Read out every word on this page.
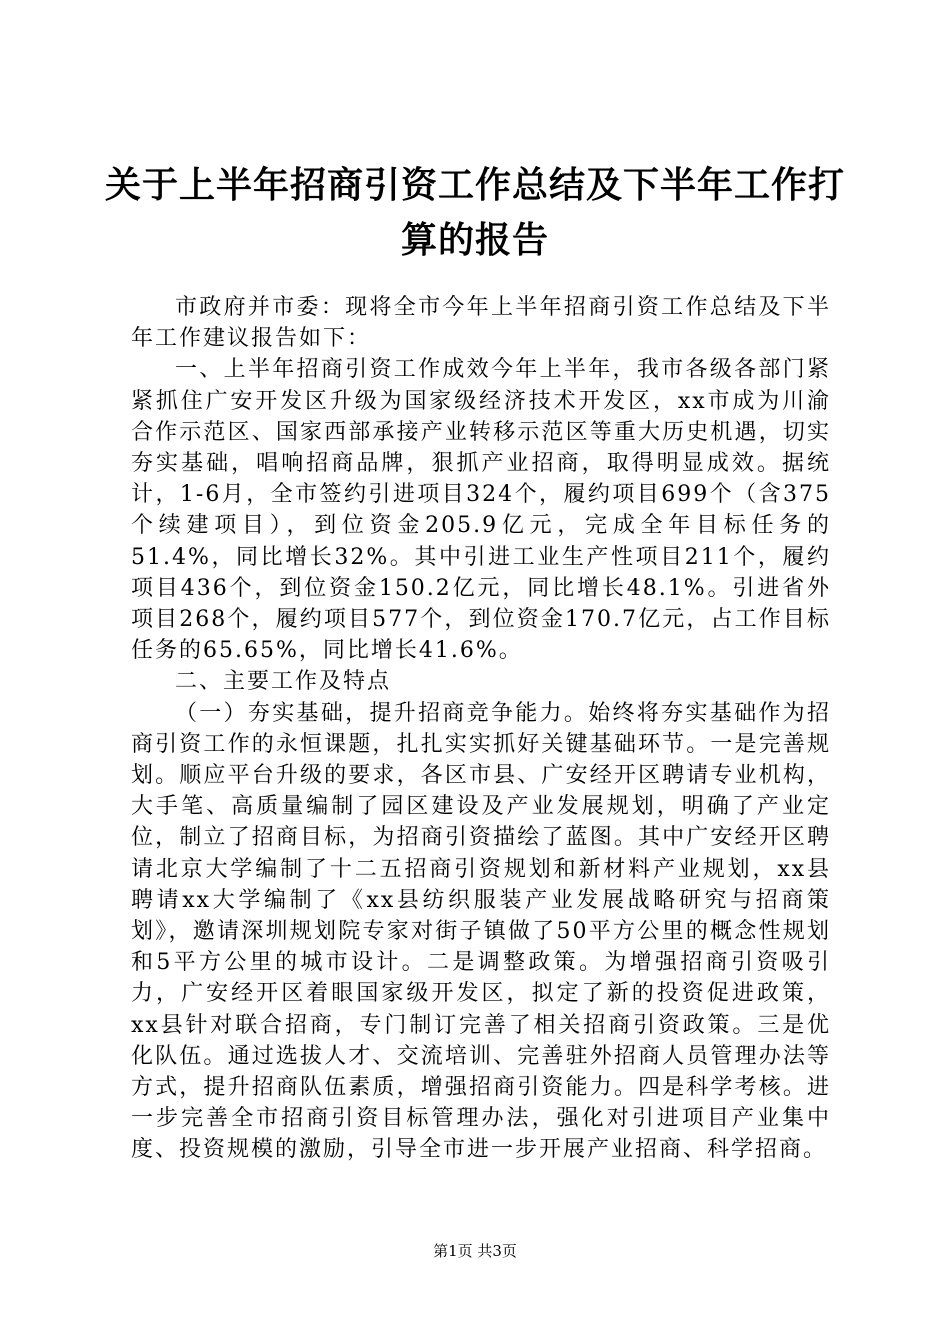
关于上半年招商引资工作总结及下半年工作打
算的报告

市政府并市委：现将全市今年上半年招商引资工作总结及下半年工作建议报告如下：

一、上半年招商引资工作成效今年上半年，我市各级各部门紧紧抓住广安开发区升级为国家级经济技术开发区，xx市成为川渝合作示范区、国家西部承接产业转移示范区等重大历史机遇，切实夯实基础，唱响招商品牌，狠抓产业招商，取得明显成效。据统计，1-6月，全市签约引进项目324个，履约项目699个（含375个续建项目），到位资金205.9亿元，完成全年目标任务的51.4%，同比增长32%。其中引进工业生产性项目211个，履约项目436个，到位资金150.2亿元，同比增长48.1%。引进省外项目268个，履约项目577个，到位资金170.7亿元，占工作目标任务的65.65%，同比增长41.6%。

二、主要工作及特点

（一）夯实基础，提升招商竞争能力。始终将夯实基础作为招商引资工作的永恒课题，扎扎实实抓好关键基础环节。一是完善规划。顺应平台升级的要求，各区市县、广安经开区聘请专业机构，大手笔、高质量编制了园区建设及产业发展规划，明确了产业定位，制立了招商目标，为招商引资描绘了蓝图。其中广安经开区聘请北京大学编制了十二五招商引资规划和新材料产业规划，xx县聘请xx大学编制了《xx县纺织服装产业发展战略研究与招商策划》，邀请深圳规划院专家对街子镇做了50平方公里的概念性规划和5平方公里的城市设计。二是调整政策。为增强招商引资吸引力，广安经开区着眼国家级开发区，拟定了新的投资促进政策，xx县针对联合招商，专门制订完善了相关招商引资政策。三是优化队伍。通过选拔人才、交流培训、完善驻外招商人员管理办法等方式，提升招商队伍素质，增强招商引资能力。四是科学考核。进一步完善全市招商引资目标管理办法，强化对引进项目产业集中度、投资规模的激励，引导全市进一步开展产业招商、科学招商。

第1页 共3页
